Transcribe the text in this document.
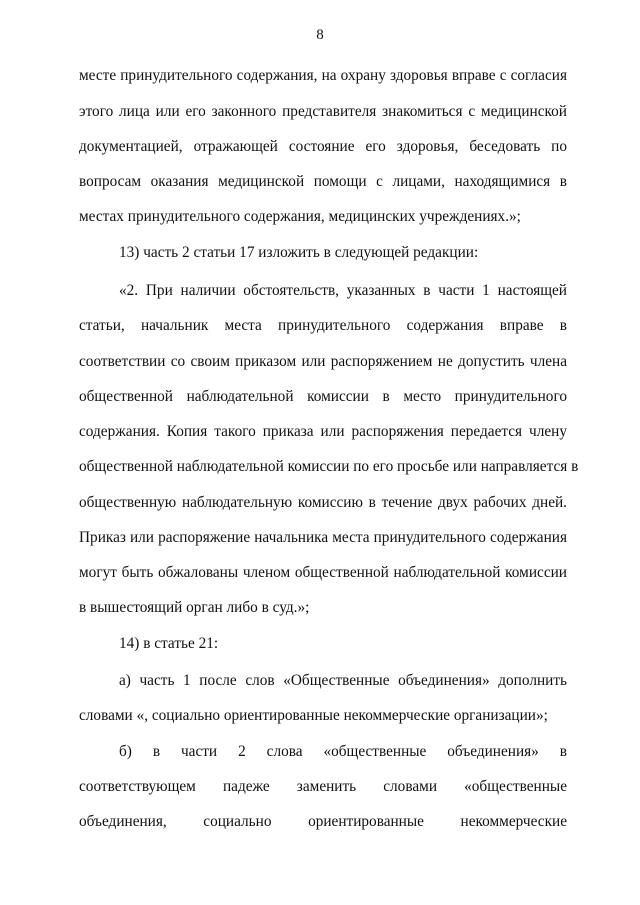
8
месте принудительного содержания, на охрану здоровья вправе с согласия
этого лица или его законного представителя знакомиться с медицинской
документацией, отражающей состояние его здоровья, беседовать по
вопросам оказания медицинской помощи с лицами, находящимися в
местах принудительного содержания, медицинских учреждениях.»;
13) часть 2 статьи 17 изложить в следующей редакции:
«2. При наличии обстоятельств, указанных в части 1 настоящей
статьи, начальник места принудительного содержания вправе в
соответствии со своим приказом или распоряжением не допустить члена
общественной наблюдательной комиссии в место принудительного
содержания. Копия такого приказа или распоряжения передается члену
общественной наблюдательной комиссии по его просьбе или направляется в
общественную наблюдательную комиссию в течение двух рабочих дней.
Приказ или распоряжение начальника места принудительного содержания
могут быть обжалованы членом общественной наблюдательной комиссии
в вышестоящий орган либо в суд.»;
14) в статье 21:
а) часть 1 после слов «Общественные объединения» дополнить
словами «, социально ориентированные некоммерческие организации»;
б) в части 2 слова «общественные объединения» в
соответствующем падеже заменить словами «общественные
объединения, социально ориентированные некоммерческие
